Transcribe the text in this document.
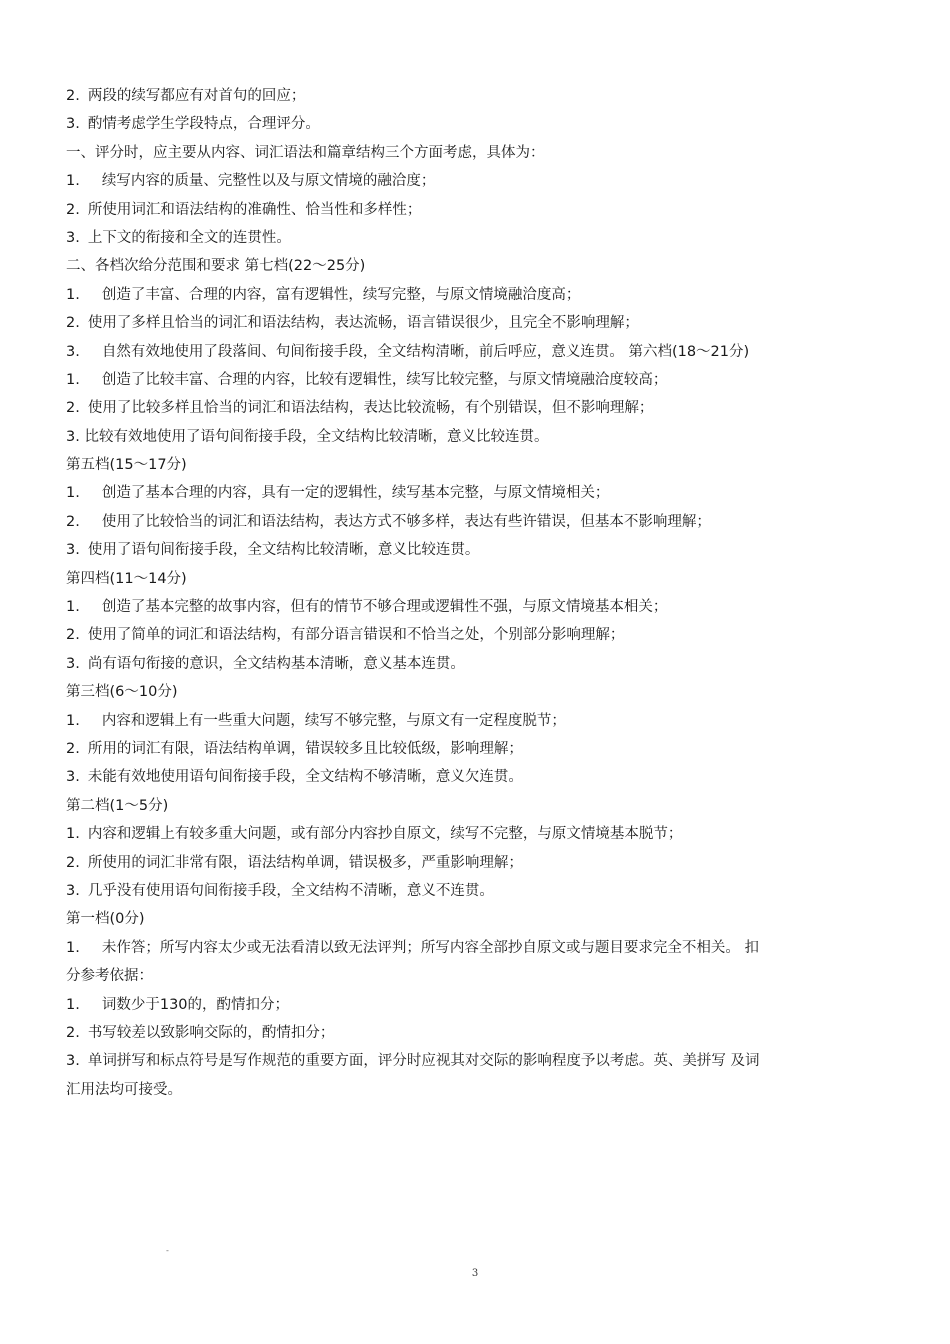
2. 两段的续写都应有对首句的回应；
3. 酌情考虑学生学段特点，合理评分。
一、评分时，应主要从内容、词汇语法和篇章结构三个方面考虑，具体为：
1. 续写内容的质量、完整性以及与原文情境的融洽度；
2. 所使用词汇和语法结构的准确性、恰当性和多样性；
3. 上下文的衔接和全文的连贯性。
二、各档次给分范围和要求 第七档(22～25分)
1. 创造了丰富、合理的内容，富有逻辑性，续写完整，与原文情境融洽度高；
2. 使用了多样且恰当的词汇和语法结构，表达流畅，语言错误很少，且完全不影响理解；
3. 自然有效地使用了段落间、句间衔接手段，全文结构清晰，前后呼应，意义连贯。 第六档(18～21分)
1. 创造了比较丰富、合理的内容，比较有逻辑性，续写比较完整，与原文情境融洽度较高；
2. 使用了比较多样且恰当的词汇和语法结构，表达比较流畅，有个别错误，但不影响理解；
3. 比较有效地使用了语句间衔接手段，全文结构比较清晰，意义比较连贯。
第五档(15～17分)
1. 创造了基本合理的内容，具有一定的逻辑性，续写基本完整，与原文情境相关；
2. 使用了比较恰当的词汇和语法结构，表达方式不够多样，表达有些许错误，但基本不影响理解；
3. 使用了语句间衔接手段，全文结构比较清晰，意义比较连贯。
第四档(11～14分)
1. 创造了基本完整的故事内容，但有的情节不够合理或逻辑性不强，与原文情境基本相关；
2. 使用了简单的词汇和语法结构，有部分语言错误和不恰当之处，个别部分影响理解；
3. 尚有语句衔接的意识，全文结构基本清晰，意义基本连贯。
第三档(6～10分)
1. 内容和逻辑上有一些重大问题，续写不够完整，与原文有一定程度脱节；
2. 所用的词汇有限，语法结构单调，错误较多且比较低级，影响理解；
3. 未能有效地使用语句间衔接手段，全文结构不够清晰，意义欠连贯。
第二档(1～5分)
1. 内容和逻辑上有较多重大问题，或有部分内容抄自原文，续写不完整，与原文情境基本脱节；
2. 所使用的词汇非常有限，语法结构单调，错误极多，严重影响理解；
3. 几乎没有使用语句间衔接手段，全文结构不清晰，意义不连贯。
第一档(0分)
1. 未作答；所写内容太少或无法看清以致无法评判；所写内容全部抄自原文或与题目要求完全不相关。 扣
分参考依据：
1. 词数少于130的，酌情扣分；
2. 书写较差以致影响交际的，酌情扣分；
3. 单词拼写和标点符号是写作规范的重要方面，评分时应视其对交际的影响程度予以考虑。英、美拼写 及词
汇用法均可接受。
-
3
